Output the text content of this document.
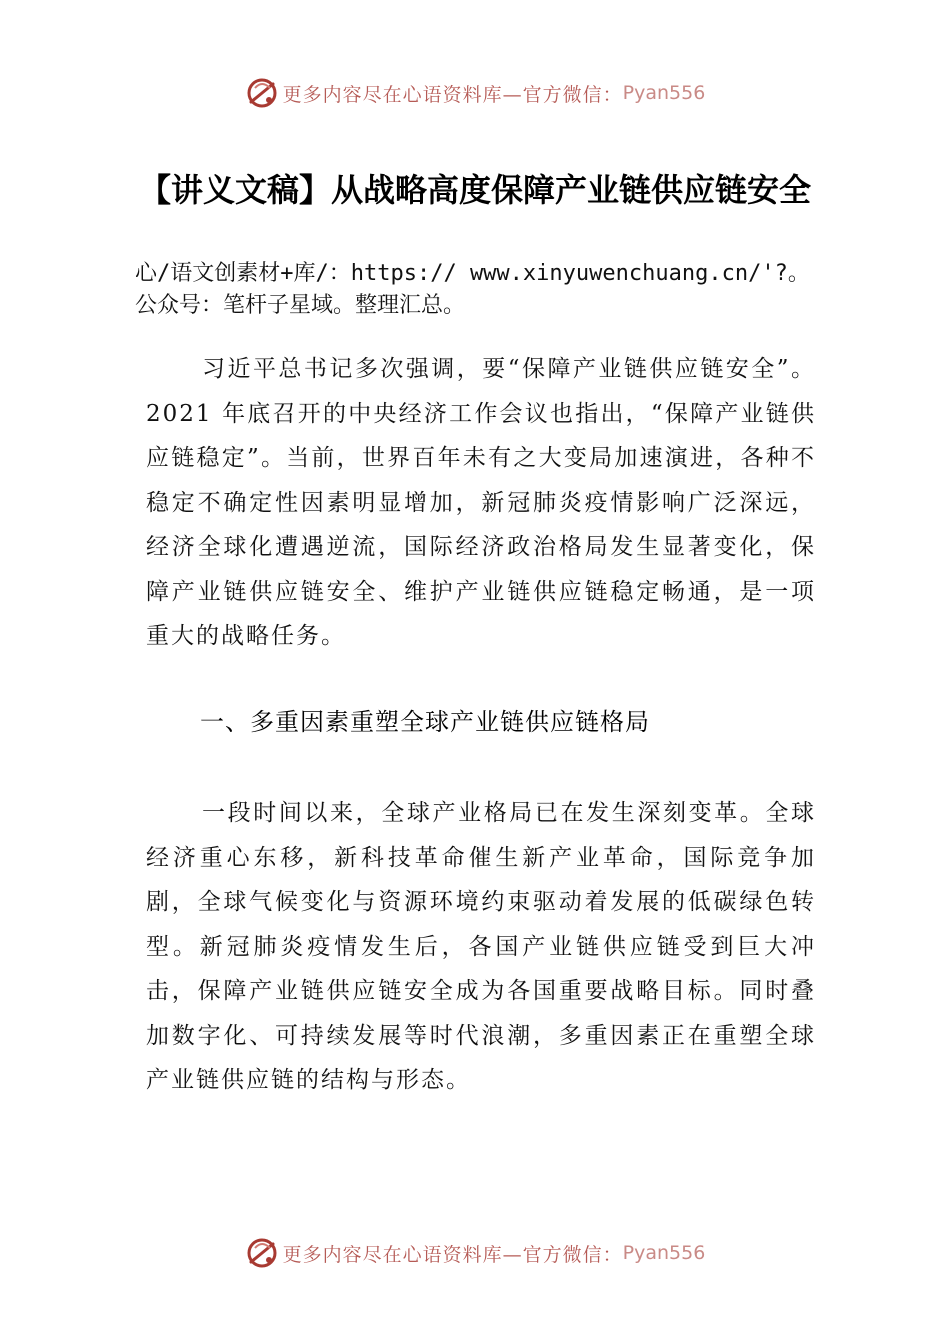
更多内容尽在心语资料库—官方微信： Pyan556
【讲义文稿】从战略高度保障产业链供应链安全
心/语文创素材+库/：https:// www.xinyuwenchuang.cn/'?。公众号：笔杆子星域。整理汇总。

习近平总书记多次强调，要“保障产业链供应链安全”。2021 年底召开的中央经济工作会议也指出，“保障产业链供应链稳定”。当前，世界百年未有之大变局加速演进，各种不稳定不确定性因素明显增加，新冠肺炎疫情影响广泛深远，经济全球化遭遇逆流，国际经济政治格局发生显著变化，保障产业链供应链安全、维护产业链供应链稳定畅通，是一项重大的战略任务。

一、多重因素重塑全球产业链供应链格局

一段时间以来，全球产业格局已在发生深刻变革。全球经济重心东移，新科技革命催生新产业革命，国际竞争加剧，全球气候变化与资源环境约束驱动着发展的低碳绿色转型。新冠肺炎疫情发生后，各国产业链供应链受到巨大冲击，保障产业链供应链安全成为各国重要战略目标。同时叠加数字化、可持续发展等时代浪潮，多重因素正在重塑全球产业链供应链的结构与形态。

更多内容尽在心语资料库—官方微信： Pyan556
